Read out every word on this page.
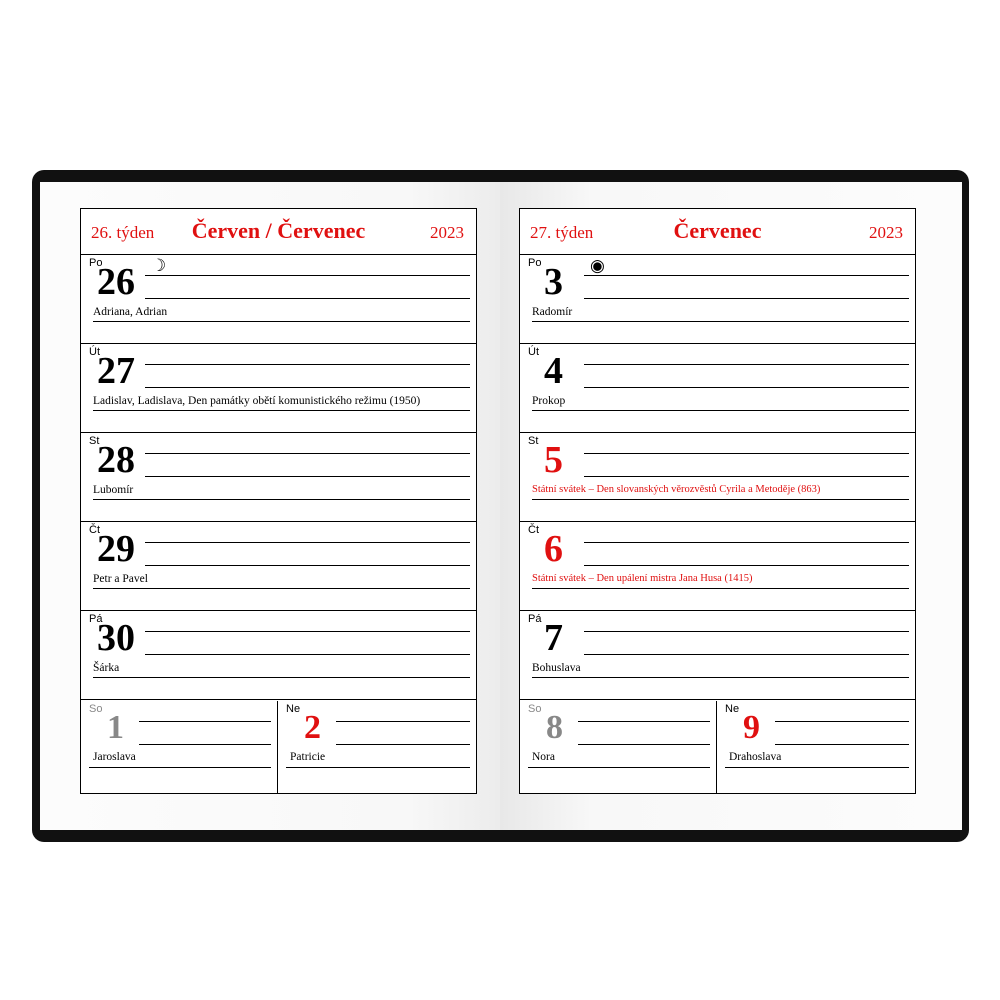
26. týden	Červen / Červenec	2023
Po
26 ☽
Adriana, Adrian
Út
27
Ladislav, Ladislava, Den památky obětí komunistického režimu (1950)
St
28
Lubomír
Čt
29
Petr a Pavel
Pá
30
Šárka
So 1
Jaroslava
Ne 2
Patricie
27. týden	Červenec	2023
Po 3 ◉
Radomír
Út 4
Prokop
St 5
Státní svátek – Den slovanských věrozvěstů Cyrila a Metoděje (863)
Čt 6
Státní svátek – Den upálení mistra Jana Husa (1415)
Pá 7
Bohuslava
So 8
Nora
Ne 9
Drahoslava
